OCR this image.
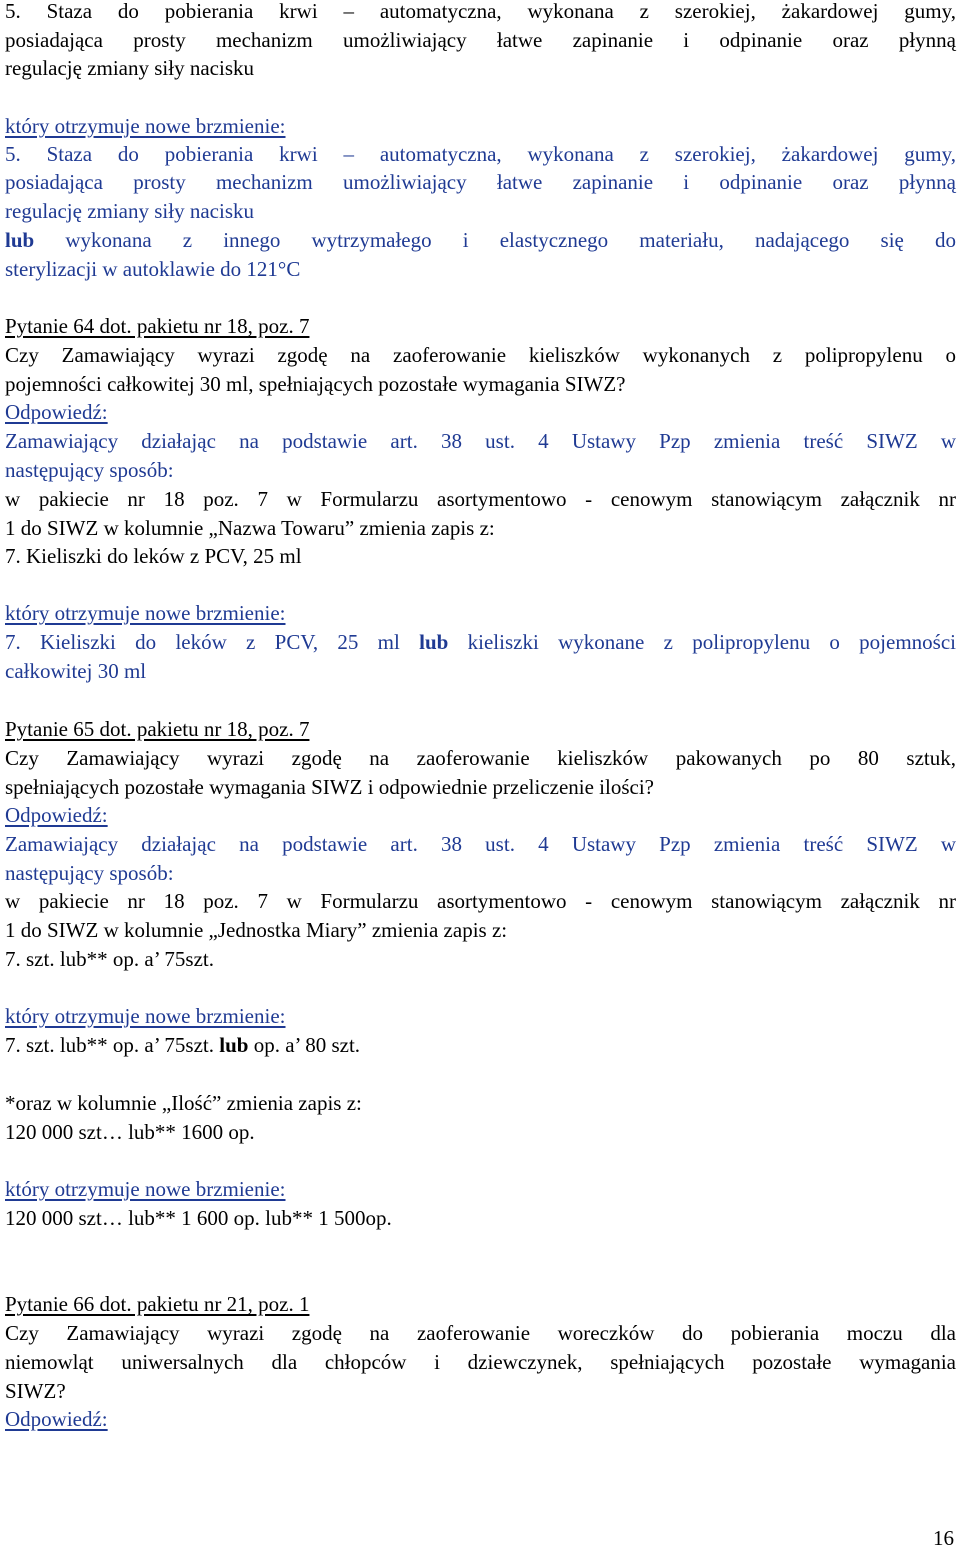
5. Staza do pobierania krwi – automatyczna, wykonana z szerokiej, żakardowej gumy,
posiadająca prosty mechanizm umożliwiający łatwe zapinanie i odpinanie oraz płynną
regulację zmiany siły nacisku
który otrzymuje nowe brzmienie:
5. Staza do pobierania krwi – automatyczna, wykonana z szerokiej, żakardowej gumy,
posiadająca prosty mechanizm umożliwiający łatwe zapinanie i odpinanie oraz płynną
regulację zmiany siły nacisku
lub wykonana z innego wytrzymałego i elastycznego materiału, nadającego się do
sterylizacji w autoklawie do 121°C
Pytanie 64 dot. pakietu nr 18, poz. 7
Czy Zamawiający wyrazi zgodę na zaoferowanie kieliszków wykonanych z polipropylenu o
pojemności całkowitej 30 ml, spełniających pozostałe wymagania SIWZ?
Odpowiedź:
Zamawiający działając na podstawie art. 38 ust. 4 Ustawy Pzp zmienia treść SIWZ w
następujący sposób:
w pakiecie nr 18 poz. 7 w Formularzu asortymentowo - cenowym stanowiącym załącznik nr
1 do SIWZ w kolumnie „Nazwa Towaru” zmienia zapis z:
7. Kieliszki do leków z PCV, 25 ml
który otrzymuje nowe brzmienie:
7. Kieliszki do leków z PCV, 25 ml lub kieliszki wykonane z polipropylenu o pojemności
całkowitej 30 ml
Pytanie 65 dot. pakietu nr 18, poz. 7
Czy Zamawiający wyrazi zgodę na zaoferowanie kieliszków pakowanych po 80 sztuk,
spełniających pozostałe wymagania SIWZ i odpowiednie przeliczenie ilości?
Odpowiedź:
Zamawiający działając na podstawie art. 38 ust. 4 Ustawy Pzp zmienia treść SIWZ w
następujący sposób:
w pakiecie nr 18 poz. 7 w Formularzu asortymentowo - cenowym stanowiącym załącznik nr
1 do SIWZ w kolumnie „Jednostka Miary” zmienia zapis z:
7. szt. lub** op. a’ 75szt.
który otrzymuje nowe brzmienie:
7. szt. lub** op. a’ 75szt. lub op. a’ 80 szt.
*oraz w kolumnie „Ilość” zmienia zapis z:
120 000 szt… lub** 1600 op.
który otrzymuje nowe brzmienie:
120 000 szt… lub** 1 600 op. lub** 1 500op.
Pytanie 66 dot. pakietu nr 21, poz. 1
Czy Zamawiający wyrazi zgodę na zaoferowanie woreczków do pobierania moczu dla
niemowląt uniwersalnych dla chłopców i dziewczynek, spełniających pozostałe wymagania
SIWZ?
Odpowiedź:
16
